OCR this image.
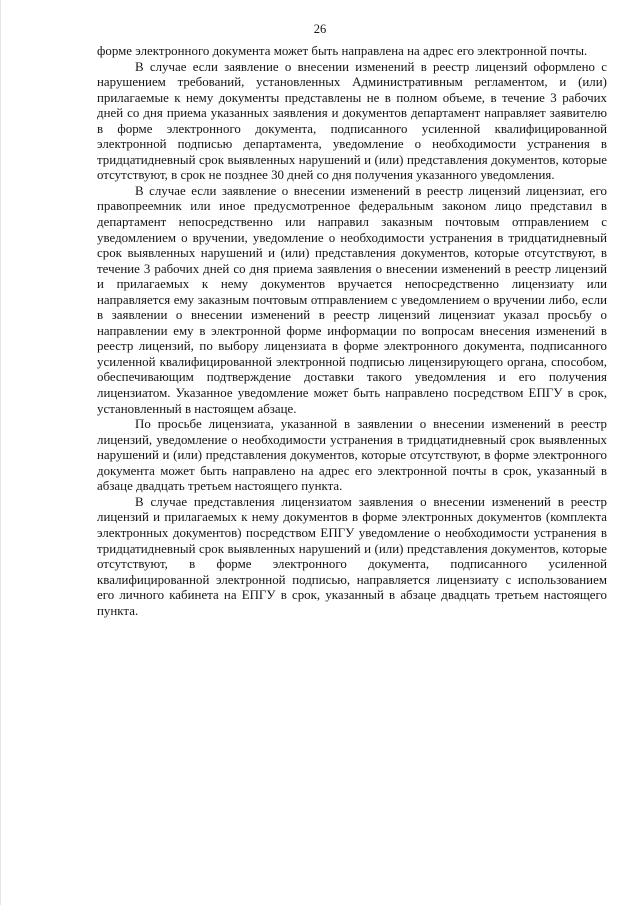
26

форме электронного документа может быть направлена на адрес его электронной почты.

В случае если заявление о внесении изменений в реестр лицензий оформлено с нарушением требований, установленных Административным регламентом, и (или) прилагаемые к нему документы представлены не в полном объеме, в течение 3 рабочих дней со дня приема указанных заявления и документов департамент направляет заявителю в форме электронного документа, подписанного усиленной квалифицированной электронной подписью департамента, уведомление о необходимости устранения в тридцатидневный срок выявленных нарушений и (или) представления документов, которые отсутствуют, в срок не позднее 30 дней со дня получения указанного уведомления.

В случае если заявление о внесении изменений в реестр лицензий лицензиат, его правопреемник или иное предусмотренное федеральным законом лицо представил в департамент непосредственно или направил заказным почтовым отправлением с уведомлением о вручении, уведомление о необходимости устранения в тридцатидневный срок выявленных нарушений и (или) представления документов, которые отсутствуют, в течение 3 рабочих дней со дня приема заявления о внесении изменений в реестр лицензий и прилагаемых к нему документов вручается непосредственно лицензиату или направляется ему заказным почтовым отправлением с уведомлением о вручении либо, если в заявлении о внесении изменений в реестр лицензий лицензиат указал просьбу о направлении ему в электронной форме информации по вопросам внесения изменений в реестр лицензий, по выбору лицензиата в форме электронного документа, подписанного усиленной квалифицированной электронной подписью лицензирующего органа, способом, обеспечивающим подтверждение доставки такого уведомления и его получения лицензиатом. Указанное уведомление может быть направлено посредством ЕПГУ в срок, установленный в настоящем абзаце.

По просьбе лицензиата, указанной в заявлении о внесении изменений в реестр лицензий, уведомление о необходимости устранения в тридцатидневный срок выявленных нарушений и (или) представления документов, которые отсутствуют, в форме электронного документа может быть направлено на адрес его электронной почты в срок, указанный в абзаце двадцать третьем настоящего пункта.

В случае представления лицензиатом заявления о внесении изменений в реестр лицензий и прилагаемых к нему документов в форме электронных документов (комплекта электронных документов) посредством ЕПГУ уведомление о необходимости устранения в тридцатидневный срок выявленных нарушений и (или) представления документов, которые отсутствуют, в форме электронного документа, подписанного усиленной квалифицированной электронной подписью, направляется лицензиату с использованием его личного кабинета на ЕПГУ в срок, указанный в абзаце двадцать третьем настоящего пункта.
